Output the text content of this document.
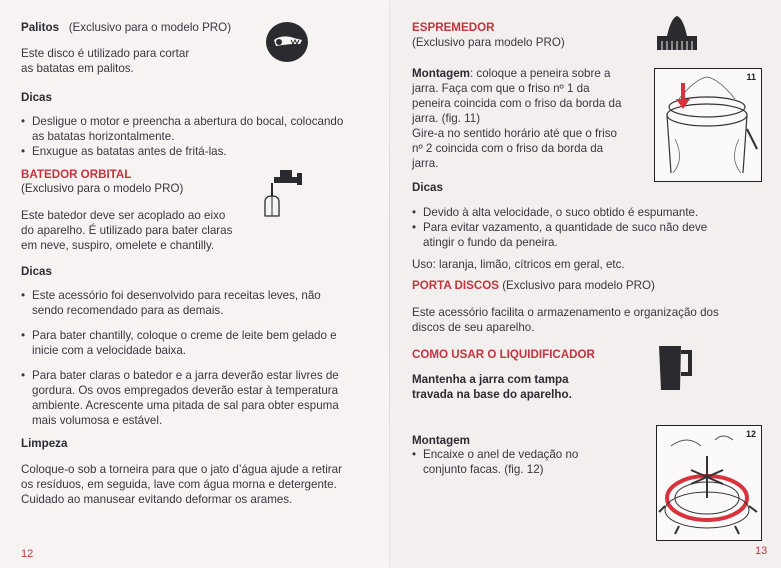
Palitos (Exclusivo para o modelo PRO)

Este disco é utilizado para cortar

as batatas em palitos.

Dicas

• Desligue o motor e preencha a abertura do bocal, colocando
as batatas horizontalmente.
• Enxugue as batatas antes de fritá-las.

BATEDOR ORBITAL

(Exclusivo para o modelo PRO)

Este batedor deve ser acoplado ao eixo

do aparelho. É utilizado para bater claras

em neve, suspiro, omelete e chantilly.

Dicas

• Este acessório foi desenvolvido para receitas leves, não
sendo recomendado para as demais.
• Para bater chantilly, coloque o creme de leite bem gelado e
inicie com a velocidade baixa.
• Para bater claras o batedor e a jarra deverão estar livres de
gordura. Os ovos empregados deverão estar à temperatura
ambiente. Acrescente uma pitada de sal para obter espuma
mais volumosa e estável.

Limpeza

Coloque-o sob a torneira para que o jato d’água ajude a retirar

os resíduos, em seguida, lave com água morna e detergente.

Cuidado ao manusear evitando deformar os arames.

12

ESPREMEDOR

(Exclusivo para modelo PRO)

Montagem: coloque a peneira sobre a

jarra. Faça com que o friso nº 1 da

peneira coincida com o friso da borda da

jarra. (fig. 11)

Gire-a no sentido horário até que o friso

nº 2 coincida com o friso da borda da

jarra.

11

Dicas

• Devido à alta velocidade, o suco obtido é espumante.
• Para evitar vazamento, a quantidade de suco não deve
atingir o fundo da peneira.

Uso: laranja, limão, cítricos em geral, etc.

PORTA DISCOS (Exclusivo para modelo PRO)

Este acessório facilita o armazenamento e organização dos

discos de seu aparelho.

COMO USAR O LIQUIDIFICADOR

Mantenha a jarra com tampa

travada na base do aparelho.

Montagem

• Encaixe o anel de vedação no
conjunto facas. (fig. 12)
12
13
